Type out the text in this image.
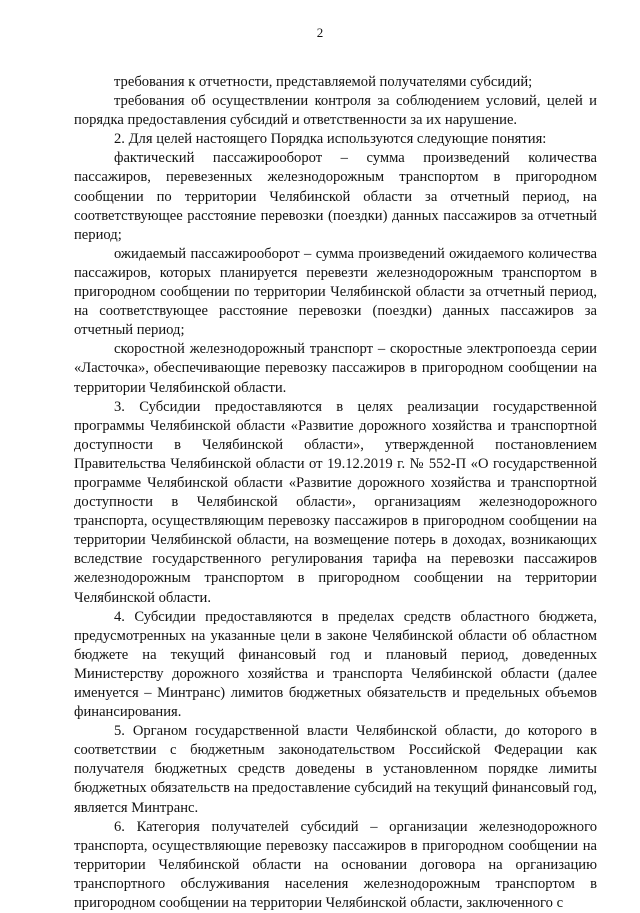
2

требования к отчетности, представляемой получателями субсидий;

требования об осуществлении контроля за соблюдением условий, целей и порядка предоставления субсидий и ответственности за их нарушение.

2. Для целей настоящего Порядка используются следующие понятия:

фактический пассажирооборот – сумма произведений количества пассажиров, перевезенных железнодорожным транспортом в пригородном сообщении по территории Челябинской области за отчетный период, на соответствующее расстояние перевозки (поездки) данных пассажиров за отчетный период;

ожидаемый пассажирооборот – сумма произведений ожидаемого количества пассажиров, которых планируется перевезти железнодорожным транспортом в пригородном сообщении по территории Челябинской области за отчетный период, на соответствующее расстояние перевозки (поездки) данных пассажиров за отчетный период;

скоростной железнодорожный транспорт – скоростные электропоезда серии «Ласточка», обеспечивающие перевозку пассажиров в пригородном сообщении на территории Челябинской области.

3. Субсидии предоставляются в целях реализации государственной программы Челябинской области «Развитие дорожного хозяйства и транспортной доступности в Челябинской области», утвержденной постановлением Правительства Челябинской области от 19.12.2019 г. № 552-П «О государственной программе Челябинской области «Развитие дорожного хозяйства и транспортной доступности в Челябинской области», организациям железнодорожного транспорта, осуществляющим перевозку пассажиров в пригородном сообщении на территории Челябинской области, на возмещение потерь в доходах, возникающих вследствие государственного регулирования тарифа на перевозки пассажиров железнодорожным транспортом в пригородном сообщении на территории Челябинской области.

4. Субсидии предоставляются в пределах средств областного бюджета, предусмотренных на указанные цели в законе Челябинской области об областном бюджете на текущий финансовый год и плановый период, доведенных Министерству дорожного хозяйства и транспорта Челябинской области (далее именуется – Минтранс) лимитов бюджетных обязательств и предельных объемов финансирования.

5. Органом государственной власти Челябинской области, до которого в соответствии с бюджетным законодательством Российской Федерации как получателя бюджетных средств доведены в установленном порядке лимиты бюджетных обязательств на предоставление субсидий на текущий финансовый год, является Минтранс.

6. Категория получателей субсидий – организации железнодорожного транспорта, осуществляющие перевозку пассажиров в пригородном сообщении на территории Челябинской области на основании договора на организацию транспортного обслуживания населения железнодорожным транспортом в пригородном сообщении на территории Челябинской области, заключенного с
